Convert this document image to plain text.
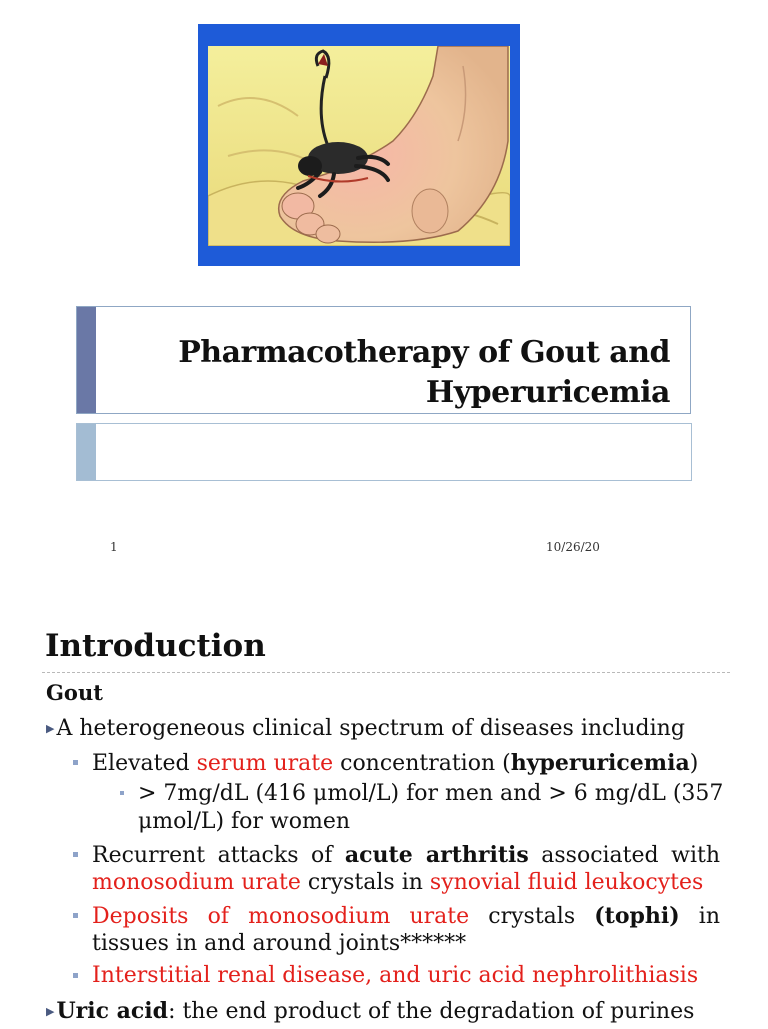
Pharmacotherapy of Gout and
Hyperuricemia
1	10/26/20
Introduction
Gout
▶A heterogeneous clinical spectrum of diseases including
Elevated serum urate concentration (hyperuricemia)
> 7mg/dL (416 μmol/L) for men and > 6 mg/dL (357
μmol/L) for women
Recurrent attacks of acute arthritis associated with
monosodium urate crystals in synovial fluid leukocytes
Deposits of monosodium urate crystals (tophi) in
tissues in and around joints******
Interstitial renal disease, and uric acid nephrolithiasis
▶Uric acid: the end product of the degradation of purines
